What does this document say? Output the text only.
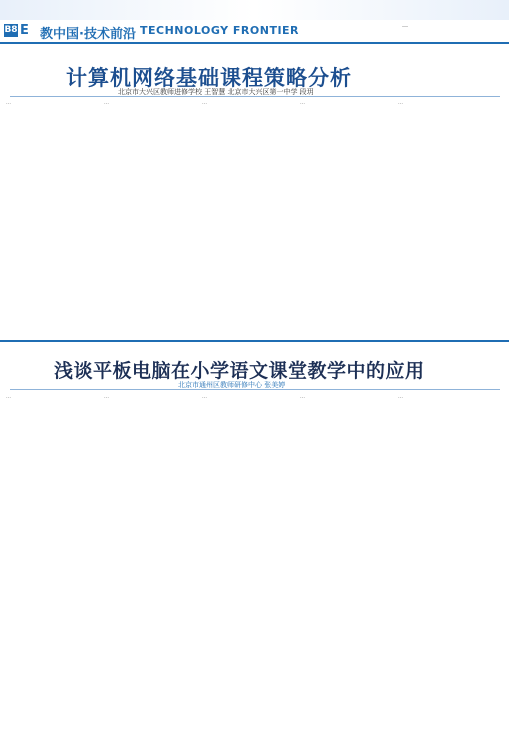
B8 E 教中国·技术前沿 TECHNOLOGY FRONTIER	…
计算机网络基础课程策略分析
北京市大兴区教师进修学校 王智慧 北京市大兴区第一中学 段玥
…	…	…	…	…
浅谈平板电脑在小学语文课堂教学中的应用
北京市通州区教师研修中心 张美婷
…	…	…	…	…
